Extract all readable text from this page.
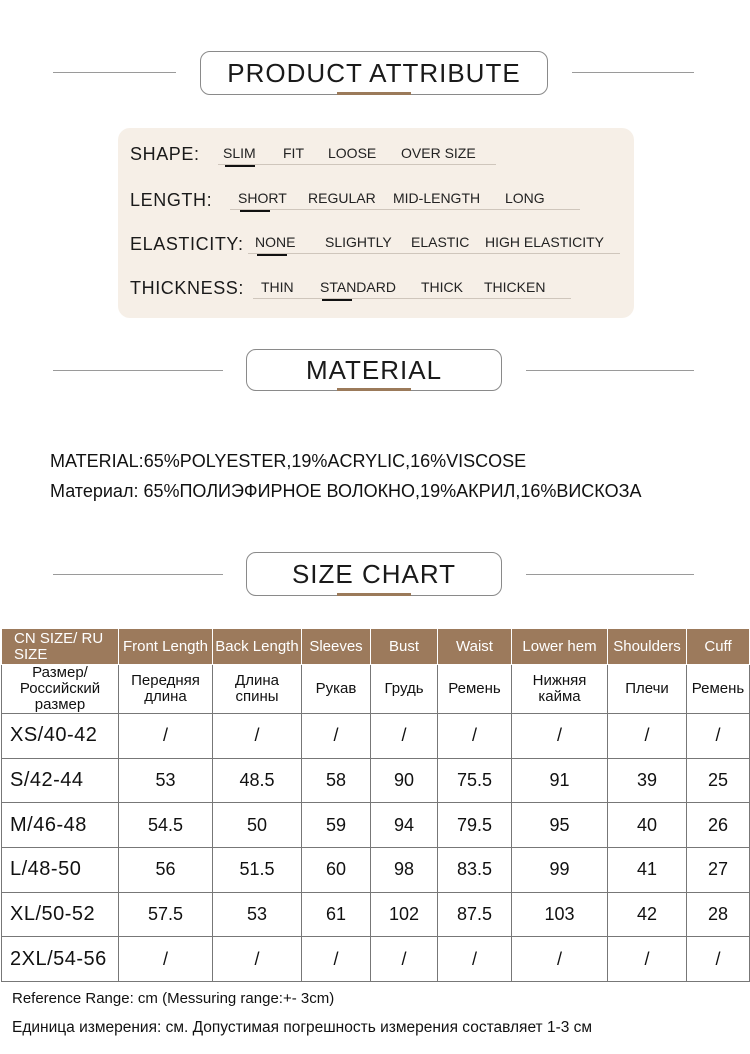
PRODUCT ATTRIBUTE
SHAPE: SLIM FIT LOOSE OVER SIZE
LENGTH: SHORT REGULAR MID-LENGTH LONG
ELASTICITY: NONE SLIGHTLY ELASTIC HIGH ELASTICITY
THICKNESS: THIN STANDARD THICK THICKEN
MATERIAL
MATERIAL:65%POLYESTER,19%ACRYLIC,16%VISCOSE
Материал: 65%ПОЛИЭФИРНОЕ ВОЛОКНО,19%АКРИЛ,16%ВИСКОЗА
SIZE CHART
CN SIZE/ RU SIZE	Front Length	Back Length	Sleeves	Bust	Waist	Lower hem	Shoulders	Cuff
Размер/ Российский размер	Передняя длина	Длина спины	Рукав	Грудь	Ремень	Нижняя кайма	Плечи	Ремень
XS/40-42	/	/	/	/	/	/	/	/
S/42-44	53	48.5	58	90	75.5	91	39	25
M/46-48	54.5	50	59	94	79.5	95	40	26
L/48-50	56	51.5	60	98	83.5	99	41	27
XL/50-52	57.5	53	61	102	87.5	103	42	28
2XL/54-56	/	/	/	/	/	/	/	/
Reference Range: cm (Messuring range:+- 3cm)
Единица измерения: см. Допустимая погрешность измерения составляет 1-3 см
